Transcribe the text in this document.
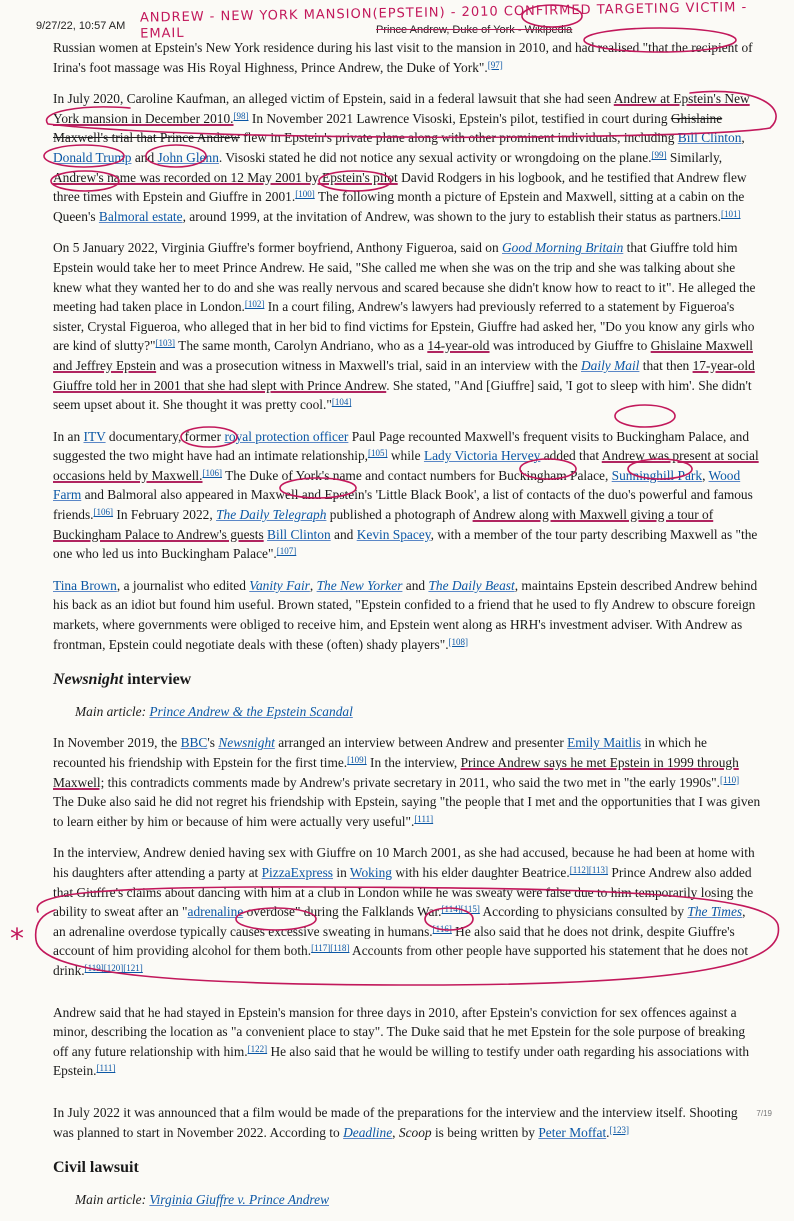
9/27/22, 10:57 AM	Prince Andrew, Duke of York - Wikipedia
ANDREW - NEW YORK MANSION(EPSTEIN) - 2010 CONFIRMED TARGETING VICTIM - EMAIL

Russian women at Epstein's New York residence during his last visit to the mansion in 2010, and had realised "that the recipient of Irina's foot massage was His Royal Highness, Prince Andrew, the Duke of York".[97]

In July 2020, Caroline Kaufman, an alleged victim of Epstein, said in a federal lawsuit that she had seen Andrew at Epstein's New York mansion in December 2010.[98] In November 2021 Lawrence Visoski, Epstein's pilot, testified in court during Ghislaine Maxwell's trial that Prince Andrew flew in Epstein's private plane along with other prominent individuals, including Bill Clinton, Donald Trump and John Glenn. Visoski stated he did not notice any sexual activity or wrongdoing on the plane.[99] Similarly, Andrew's name was recorded on 12 May 2001 by Epstein's pilot David Rodgers in his logbook, and he testified that Andrew flew three times with Epstein and Giuffre in 2001.[100] The following month a picture of Epstein and Maxwell, sitting at a cabin on the Queen's Balmoral estate, around 1999, at the invitation of Andrew, was shown to the jury to establish their status as partners.[101]

On 5 January 2022, Virginia Giuffre's former boyfriend, Anthony Figueroa, said on Good Morning Britain that Giuffre told him Epstein would take her to meet Prince Andrew. He said, "She called me when she was on the trip and she was talking about she knew what they wanted her to do and she was really nervous and scared because she didn't know how to react to it". He alleged the meeting had taken place in London.[102] In a court filing, Andrew's lawyers had previously referred to a statement by Figueroa's sister, Crystal Figueroa, who alleged that in her bid to find victims for Epstein, Giuffre had asked her, "Do you know any girls who are kind of slutty?"[103] The same month, Carolyn Andriano, who as a 14-year-old was introduced by Giuffre to Ghislaine Maxwell and Jeffrey Epstein and was a prosecution witness in Maxwell's trial, said in an interview with the Daily Mail that then 17-year-old Giuffre told her in 2001 that she had slept with Prince Andrew. She stated, "And [Giuffre] said, 'I got to sleep with him'. She didn't seem upset about it. She thought it was pretty cool."[104]

In an ITV documentary, former royal protection officer Paul Page recounted Maxwell's frequent visits to Buckingham Palace, and suggested the two might have had an intimate relationship,[105] while Lady Victoria Hervey added that Andrew was present at social occasions held by Maxwell.[106] The Duke of York's name and contact numbers for Buckingham Palace, Sunninghill Park, Wood Farm and Balmoral also appeared in Maxwell and Epstein's 'Little Black Book', a list of contacts of the duo's powerful and famous friends.[106] In February 2022, The Daily Telegraph published a photograph of Andrew along with Maxwell giving a tour of Buckingham Palace to Andrew's guests Bill Clinton and Kevin Spacey, with a member of the tour party describing Maxwell as "the one who led us into Buckingham Palace".[107]

Tina Brown, a journalist who edited Vanity Fair, The New Yorker and The Daily Beast, maintains Epstein described Andrew behind his back as an idiot but found him useful. Brown stated, "Epstein confided to a friend that he used to fly Andrew to obscure foreign markets, where governments were obliged to receive him, and Epstein went along as HRH's investment adviser. With Andrew as frontman, Epstein could negotiate deals with these (often) shady players".[108]

Newsnight interview

Main article: Prince Andrew & the Epstein Scandal

In November 2019, the BBC's Newsnight arranged an interview between Andrew and presenter Emily Maitlis in which he recounted his friendship with Epstein for the first time.[109] In the interview, Prince Andrew says he met Epstein in 1999 through Maxwell; this contradicts comments made by Andrew's private secretary in 2011, who said the two met in "the early 1990s".[110] The Duke also said he did not regret his friendship with Epstein, saying "the people that I met and the opportunities that I was given to learn either by him or because of him were actually very useful".[111]

In the interview, Andrew denied having sex with Giuffre on 10 March 2001, as she had accused, because he had been at home with his daughters after attending a party at PizzaExpress in Woking with his elder daughter Beatrice.[112][113] Prince Andrew also added that Giuffre's claims about dancing with him at a club in London while he was sweaty were false due to him temporarily losing the ability to sweat after an "adrenaline overdose" during the Falklands War.[114][115] According to physicians consulted by The Times, an adrenaline overdose typically causes excessive sweating in humans.[116] He also said that he does not drink, despite Giuffre's account of him providing alcohol for them both.[117][118] Accounts from other people have supported his statement that he does not drink.[119][120][121]

Andrew said that he had stayed in Epstein's mansion for three days in 2010, after Epstein's conviction for sex offences against a minor, describing the location as "a convenient place to stay". The Duke said that he met Epstein for the sole purpose of breaking off any future relationship with him.[122] He also said that he would be willing to testify under oath regarding his associations with Epstein.[111]

In July 2022 it was announced that a film would be made of the preparations for the interview and the interview itself. Shooting was planned to start in November 2022. According to Deadline, Scoop is being written by Peter Moffat.[123]

Civil lawsuit

Main article: Virginia Giuffre v. Prince Andrew

*
7/19
